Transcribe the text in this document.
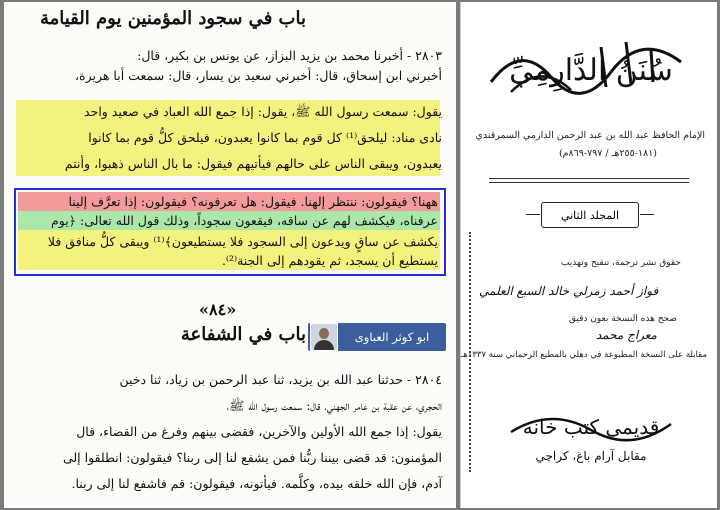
باب في سجود المؤمنين يوم القيامة
٢٨٠٣ - أخبرنا محمد بن يزيد البزاز، عن يونس بن بكير، قال:
أخبرني ابن إسحاق، قال: أخبرني سعيد بن يسار، قال: سمعت أبا هريرة،
يقول: سمعت رسول الله ﷺ، يقول: إذا جمع الله العباد في صعيد واحد
نادى مناد: ليلحق⁽¹⁾ كل قوم بما كانوا يعبدون، فيلحق كلُّ قوم بما كانوا
يعبدون، ويبقى الناس على حالهم فيأتيهم فيقول: ما بال الناس ذهبوا، وأنتم
ههنا؟ فيقولون: ننتظر إلهنا. فيقول: هل تعرفونه؟ فيقولون: إذا تعرَّف إلينا
عرفناه، فيكشف لهم عن ساقه، فيقعون سجوداً، وذلك قول الله تعالى: ﴿يوم
يكشف عن ساقٍ ويدعون إلى السجود فلا يستطيعون﴾⁽¹⁾ ويبقى كلُّ منافق فلا
يستطيع أن يسجد، ثم يقودهم إلى الجنة⁽²⁾.
«٨٤»
باب في الشفاعة	ابو كوثر العباوى
٢٨٠٤ - حدثنا عبد الله بن يزيد، ثنا عبد الرحمن بن زياد، ثنا دخين
الحجري، عن عقبة بن عامر الجهني، قال: سمعت رسول الله ﷺ،
يقول: إذا جمع الله الأولين والآخرين، فقضى بينهم وفرغ من القضاء، قال
المؤمنون: قد قضى بيننا ربُّنا فمن يشفع لنا إلى ربنا؟ فيقولون: انطلقوا إلى
آدم، فإن الله خلقه بيده، وكلَّمه. فيأتونه، فيقولون: قم فاشفع لنا إلى ربنا.
سُنَنُ الدَّارِمِيِّ
الإمام الحافظ عبد الله بن عبد الرحمن الدارمي السمرقندي
(١٨١-٢٥٥هـ / ٧٩٧-٨٦٩م)
المجلد الثاني
حقوق نشر ترجمة، تنقيح وتهذيب
فواز أحمد زمرلي
خالد السبع العلمي
صحح هذه النسخة بعون دقيق
معراج محمد
مقابلة على النسخة المطبوعة في دهلي بالمطبع الرحماني سنة ١٣٣٧هـ
قديمي كتب خانه
مقابل آرام باغ، كراچي
